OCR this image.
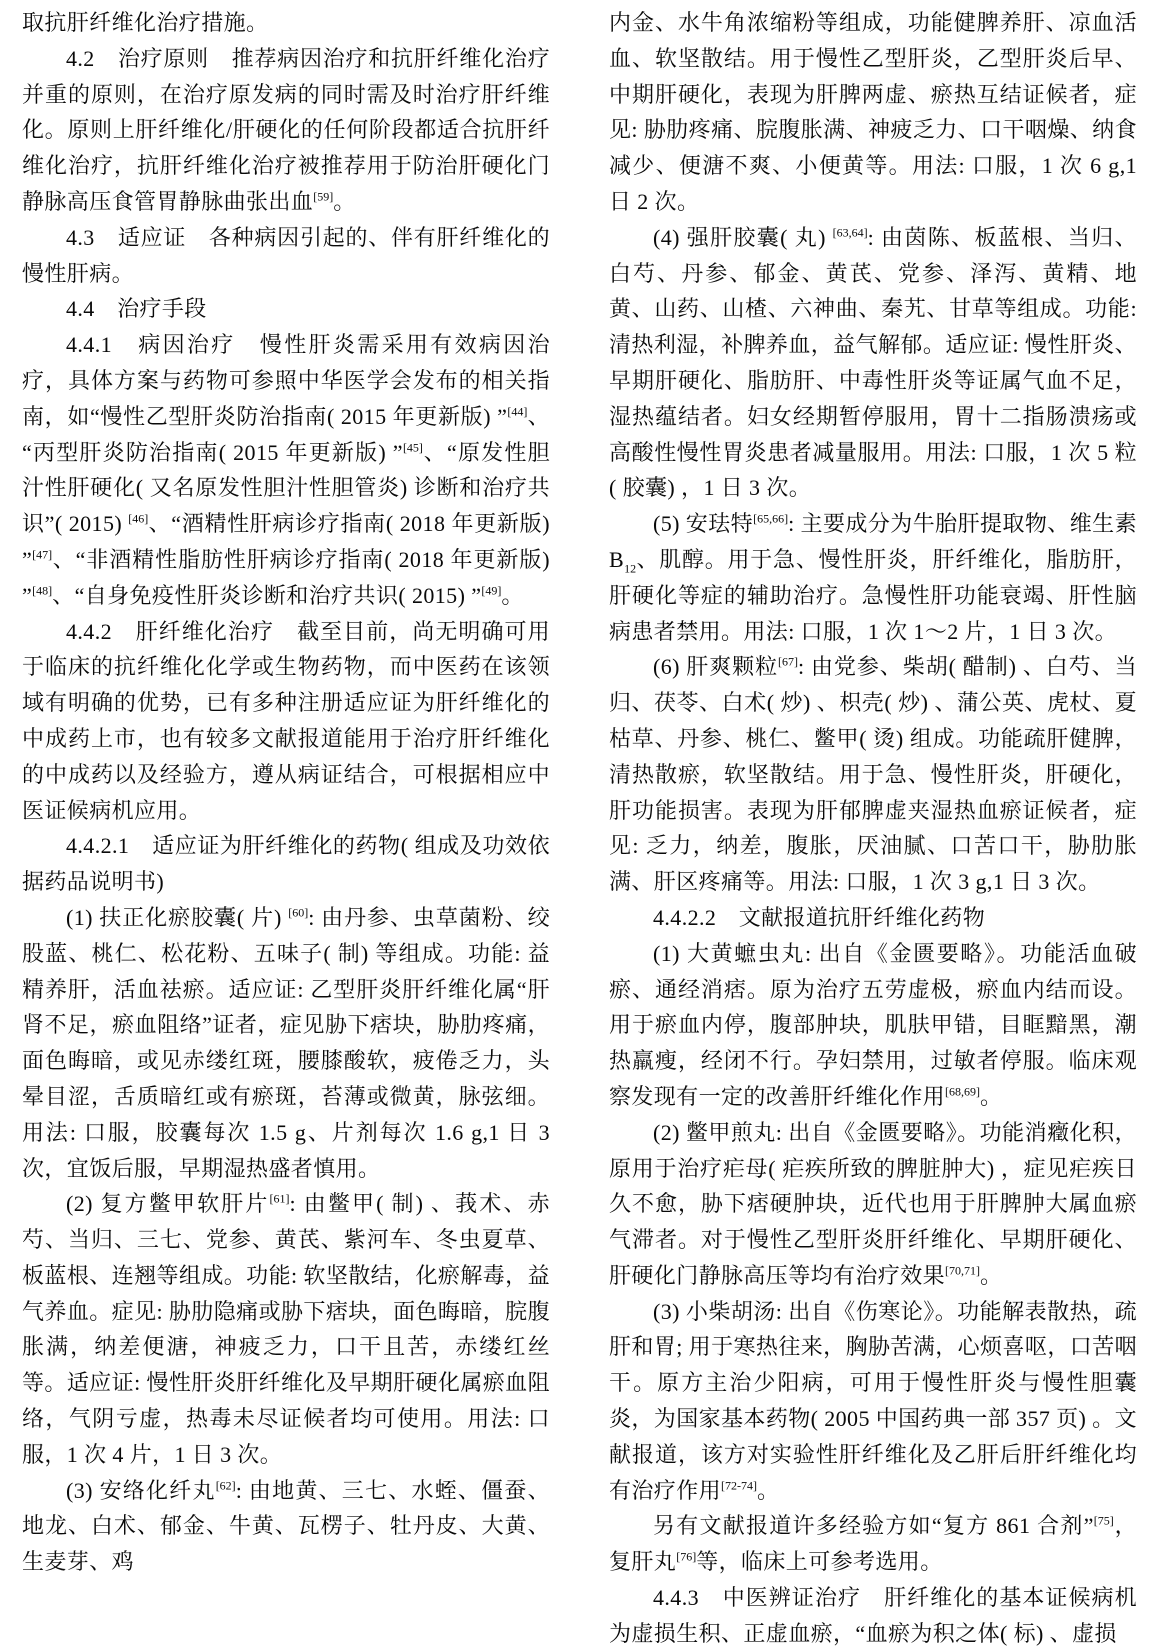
取抗肝纤维化治疗措施。

4.2　治疗原则　推荐病因治疗和抗肝纤维化治疗并重的原则，在治疗原发病的同时需及时治疗肝纤维化。原则上肝纤维化/肝硬化的任何阶段都适合抗肝纤维化治疗，抗肝纤维化治疗被推荐用于防治肝硬化门静脉高压食管胃静脉曲张出血[59]。

4.3　适应证　各种病因引起的、伴有肝纤维化的慢性肝病。

4.4　治疗手段

4.4.1　病因治疗　慢性肝炎需采用有效病因治疗，具体方案与药物可参照中华医学会发布的相关指南，如“慢性乙型肝炎防治指南( 2015 年更新版) ”[44]、“丙型肝炎防治指南( 2015 年更新版) ”[45]、“原发性胆汁性肝硬化( 又名原发性胆汁性胆管炎) 诊断和治疗共识”( 2015) [46]、“酒精性肝病诊疗指南( 2018 年更新版) ”[47]、“非酒精性脂肪性肝病诊疗指南( 2018 年更新版) ”[48]、“自身免疫性肝炎诊断和治疗共识( 2015) ”[49]。

4.4.2　肝纤维化治疗　截至目前，尚无明确可用于临床的抗纤维化化学或生物药物，而中医药在该领域有明确的优势，已有多种注册适应证为肝纤维化的中成药上市，也有较多文献报道能用于治疗肝纤维化的中成药以及经验方，遵从病证结合，可根据相应中医证候病机应用。

4.4.2.1　适应证为肝纤维化的药物( 组成及功效依据药品说明书)

(1) 扶正化瘀胶囊( 片) [60]: 由丹参、虫草菌粉、绞股蓝、桃仁、松花粉、五味子( 制) 等组成。功能: 益精养肝，活血祛瘀。适应证: 乙型肝炎肝纤维化属“肝肾不足，瘀血阻络”证者，症见胁下痞块，胁肋疼痛，面色晦暗，或见赤缕红斑，腰膝酸软，疲倦乏力，头晕目涩，舌质暗红或有瘀斑，苔薄或微黄，脉弦细。用法: 口服，胶囊每次 1.5 g、片剂每次 1.6 g,1 日 3 次，宜饭后服，早期湿热盛者慎用。

(2) 复方鳖甲软肝片[61]: 由鳖甲( 制) 、莪术、赤芍、当归、三七、党参、黄芪、紫河车、冬虫夏草、板蓝根、连翘等组成。功能: 软坚散结，化瘀解毒，益气养血。症见: 胁肋隐痛或胁下痞块，面色晦暗，脘腹胀满，纳差便溏，神疲乏力，口干且苦，赤缕红丝等。适应证: 慢性肝炎肝纤维化及早期肝硬化属瘀血阻络，气阴亏虚，热毒未尽证候者均可使用。用法: 口服，1 次 4 片，1 日 3 次。

(3) 安络化纤丸[62]: 由地黄、三七、水蛭、僵蚕、地龙、白术、郁金、牛黄、瓦楞子、牡丹皮、大黄、生麦芽、鸡

内金、水牛角浓缩粉等组成，功能健脾养肝、凉血活血、软坚散结。用于慢性乙型肝炎，乙型肝炎后早、中期肝硬化，表现为肝脾两虚、瘀热互结证候者，症见: 胁肋疼痛、脘腹胀满、神疲乏力、口干咽燥、纳食减少、便溏不爽、小便黄等。用法: 口服，1 次 6 g,1 日 2 次。

(4) 强肝胶囊( 丸) [63,64]: 由茵陈、板蓝根、当归、白芍、丹参、郁金、黄芪、党参、泽泻、黄精、地黄、山药、山楂、六神曲、秦艽、甘草等组成。功能: 清热利湿，补脾养血，益气解郁。适应证: 慢性肝炎、早期肝硬化、脂肪肝、中毒性肝炎等证属气血不足，湿热蕴结者。妇女经期暂停服用，胃十二指肠溃疡或高酸性慢性胃炎患者减量服用。用法: 口服，1 次 5 粒( 胶囊) ，1 日 3 次。

(5) 安珐特[65,66]: 主要成分为牛胎肝提取物、维生素 $B_{12}$、肌醇。用于急、慢性肝炎，肝纤维化，脂肪肝，肝硬化等症的辅助治疗。急慢性肝功能衰竭、肝性脑病患者禁用。用法: 口服，1 次 1～2 片，1 日 3 次。

(6) 肝爽颗粒[67]: 由党参、柴胡( 醋制) 、白芍、当归、茯苓、白术( 炒) 、枳壳( 炒) 、蒲公英、虎杖、夏枯草、丹参、桃仁、鳖甲( 烫) 组成。功能疏肝健脾，清热散瘀，软坚散结。用于急、慢性肝炎，肝硬化，肝功能损害。表现为肝郁脾虚夹湿热血瘀证候者，症见: 乏力，纳差，腹胀，厌油腻、口苦口干，胁肋胀满、肝区疼痛等。用法: 口服，1 次 3 g,1 日 3 次。

4.4.2.2　文献报道抗肝纤维化药物

(1) 大黄蟅虫丸: 出自《金匮要略》。功能活血破瘀、通经消痞。原为治疗五劳虚极，瘀血内结而设。用于瘀血内停，腹部肿块，肌肤甲错，目眶黯黑，潮热羸瘦，经闭不行。孕妇禁用，过敏者停服。临床观察发现有一定的改善肝纤维化作用[68,69]。

(2) 鳖甲煎丸: 出自《金匮要略》。功能消癥化积，原用于治疗疟母( 疟疾所致的脾脏肿大) ，症见疟疾日久不愈，胁下痞硬肿块，近代也用于肝脾肿大属血瘀气滞者。对于慢性乙型肝炎肝纤维化、早期肝硬化、肝硬化门静脉高压等均有治疗效果[70,71]。

(3) 小柴胡汤: 出自《伤寒论》。功能解表散热，疏肝和胃; 用于寒热往来，胸胁苦满，心烦喜呕，口苦咽干。原方主治少阳病，可用于慢性肝炎与慢性胆囊炎，为国家基本药物( 2005 中国药典一部 357 页) 。文献报道，该方对实验性肝纤维化及乙肝后肝纤维化均有治疗作用[72-74]。

另有文献报道许多经验方如“复方 861 合剂”[75]，复肝丸[76]等，临床上可参考选用。

4.4.3　中医辨证治疗　肝纤维化的基本证候病机为虚损生积、正虚血瘀，“血瘀为积之体( 标) 、虚损
